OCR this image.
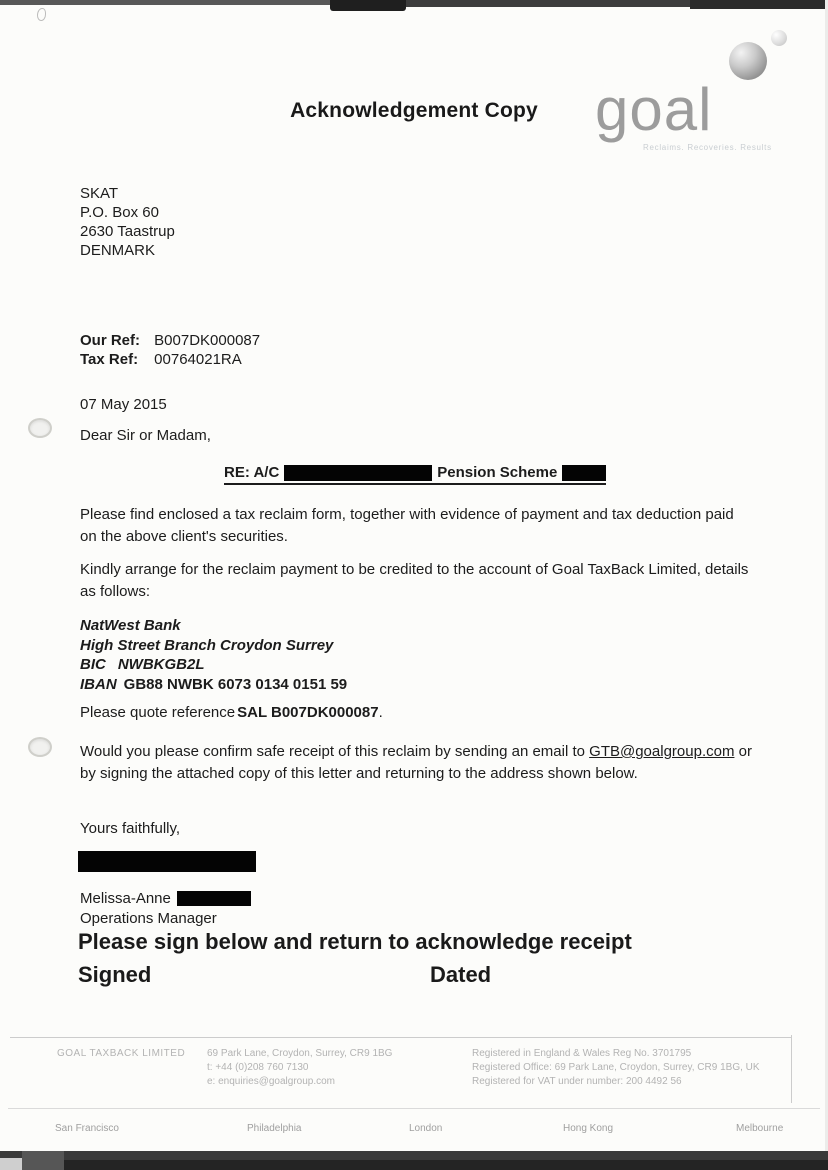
Acknowledgement Copy goal
Reclaims. Recoveries. Results
SKAT
P.O. Box 60
2630 Taastrup
DENMARK
Our Ref: B007DK000087
Tax Ref: 00764021RA
07 May 2015
Dear Sir or Madam,
RE: A/C	Pension Scheme
Please find enclosed a tax reclaim form, together with evidence of payment and tax deduction paid on the above client's securities.
Kindly arrange for the reclaim payment to be credited to the account of Goal TaxBack Limited, details as follows:
NatWest Bank
High Street Branch Croydon Surrey
BIC NWBKGB2L
IBAN GB88 NWBK 6073 0134 0151 59
Please quote reference SAL B007DK000087.
Would you please confirm safe receipt of this reclaim by sending an email to GTB@goalgroup.com or by signing the attached copy of this letter and returning to the address shown below.
Yours faithfully,
Melissa-Anne
Operations Manager
Please sign below and return to acknowledge receipt
Signed	Dated
GOAL TAXBACK LIMITED 69 Park Lane, Croydon, Surrey, CR9 1BG
t: +44 (0)208 760 7130
e: enquiries@goalgroup.com
Registered in England & Wales Reg No. 3701795
Registered Office: 69 Park Lane, Croydon, Surrey, CR9 1BG, UK
Registered for VAT under number: 200 4492 56
San Francisco	Philadelphia	London	Hong Kong	Melbourne
